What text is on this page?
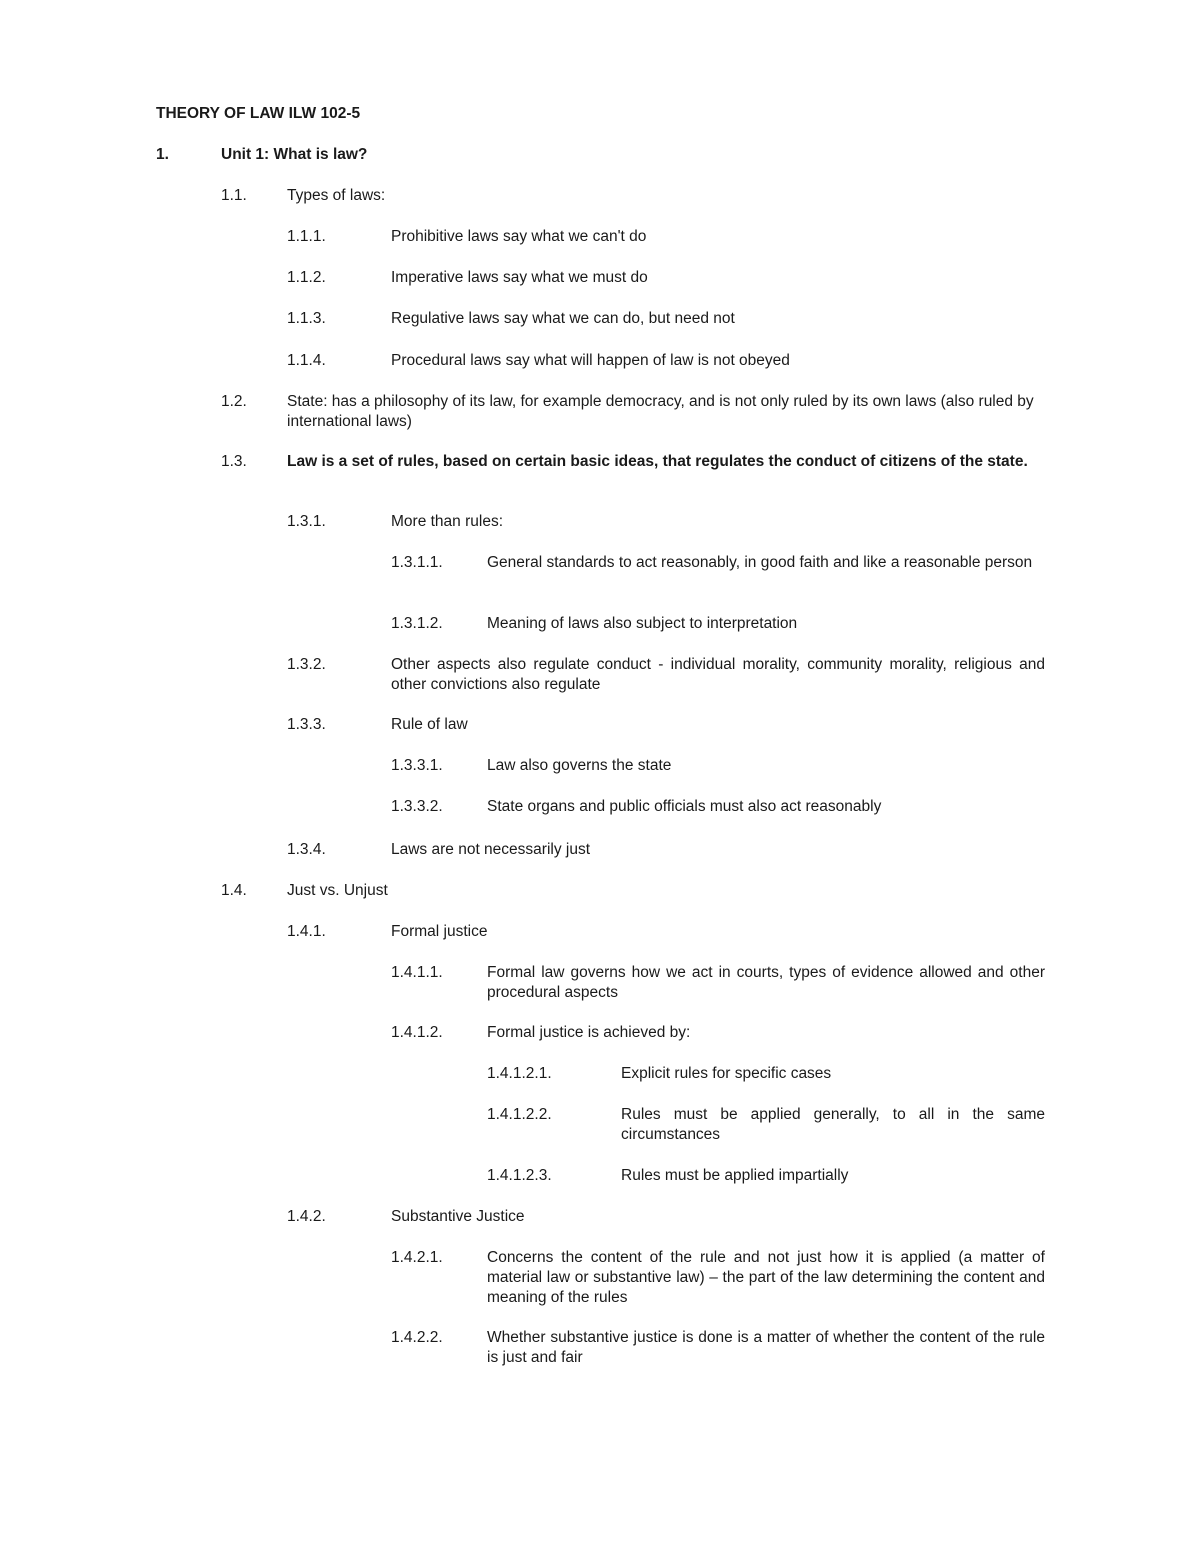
THEORY OF LAW ILW 102-5
1.	Unit 1: What is law?
1.1.	Types of laws:
1.1.1.	Prohibitive laws say what we can't do
1.1.2.	Imperative laws say what we must do
1.1.3.	Regulative laws say what we can do, but need not
1.1.4.	Procedural laws say what will happen of law is not obeyed
1.2.	State: has a philosophy of its law, for example democracy, and is not only ruled by its own laws (also ruled by international laws)
1.3.	Law is a set of rules, based on certain basic ideas, that regulates the conduct of citizens of the state.
1.3.1.	More than rules:
1.3.1.1.	General standards to act reasonably, in good faith and like a reasonable person
1.3.1.2.	Meaning of laws also subject to interpretation
1.3.2.	Other aspects also regulate conduct - individual morality, community morality, religious and other convictions also regulate
1.3.3.	Rule of law
1.3.3.1.	Law also governs the state
1.3.3.2.	State organs and public officials must also act reasonably
1.3.4.	Laws are not necessarily just
1.4.	Just vs. Unjust
1.4.1.	Formal justice
1.4.1.1.	Formal law governs how we act in courts, types of evidence allowed and other procedural aspects
1.4.1.2.	Formal justice is achieved by:
1.4.1.2.1.	Explicit rules for specific cases
1.4.1.2.2.	Rules must be applied generally, to all in the same circumstances
1.4.1.2.3.	Rules must be applied impartially
1.4.2.	Substantive Justice
1.4.2.1.	Concerns the content of the rule and not just how it is applied (a matter of material law or substantive law) – the part of the law determining the content and meaning of the rules
1.4.2.2.	Whether substantive justice is done is a matter of whether the content of the rule is just and fair
